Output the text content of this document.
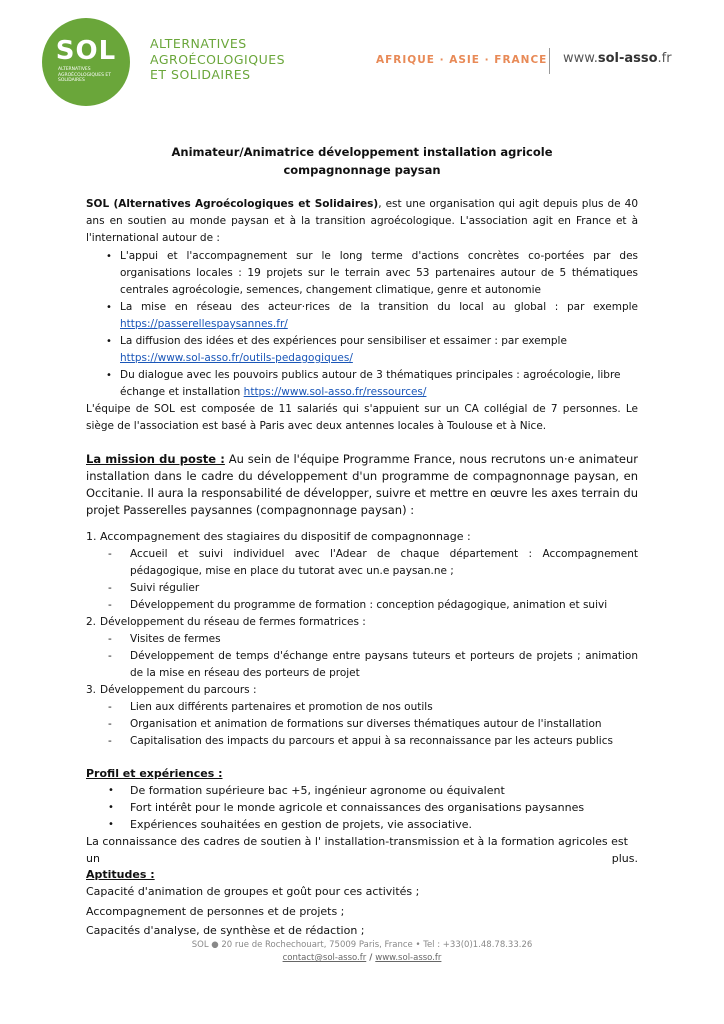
SOL
ALTERNATIVES AGROÉCOLOGIQUES ET SOLIDAIRES
ALTERNATIVES
AGROÉCOLOGIQUES
ET SOLIDAIRES
AFRIQUE · ASIE · FRANCE www.sol-asso.fr
Animateur/Animatrice développement installation agricole
compagnonnage paysan
SOL (Alternatives Agroécologiques et Solidaires), est une organisation qui agit depuis plus de 40 ans en soutien au monde paysan et à la transition agroécologique. L'association agit en France et à l'international autour de :
• L'appui et l'accompagnement sur le long terme d'actions concrètes co-portées par des organisations locales : 19 projets sur le terrain avec 53 partenaires autour de 5 thématiques centrales agroécologie, semences, changement climatique, genre et autonomie
• La mise en réseau des acteur·rices de la transition du local au global : par exemple https://passerellespaysannes.fr/
• La diffusion des idées et des expériences pour sensibiliser et essaimer : par exemple https://www.sol-asso.fr/outils-pedagogiques/
• Du dialogue avec les pouvoirs publics autour de 3 thématiques principales : agroécologie, libre échange et installation https://www.sol-asso.fr/ressources/
L'équipe de SOL est composée de 11 salariés qui s'appuient sur un CA collégial de 7 personnes. Le siège de l'association est basé à Paris avec deux antennes locales à Toulouse et à Nice.
La mission du poste : Au sein de l'équipe Programme France, nous recrutons un·e animateur installation dans le cadre du développement d'un programme de compagnonnage paysan, en Occitanie. Il aura la responsabilité de développer, suivre et mettre en œuvre les axes terrain du projet Passerelles paysannes (compagnonnage paysan) :
1. Accompagnement des stagiaires du dispositif de compagnonnage :
- Accueil et suivi individuel avec l'Adear de chaque département : Accompagnement pédagogique, mise en place du tutorat avec un.e paysan.ne ;
- Suivi régulier
- Développement du programme de formation : conception pédagogique, animation et suivi
2. Développement du réseau de fermes formatrices :
- Visites de fermes
- Développement de temps d'échange entre paysans tuteurs et porteurs de projets ; animation de la mise en réseau des porteurs de projet
3. Développement du parcours :
- Lien aux différents partenaires et promotion de nos outils
- Organisation et animation de formations sur diverses thématiques autour de l'installation
- Capitalisation des impacts du parcours et appui à sa reconnaissance par les acteurs publics
Profil et expériences :
• De formation supérieure bac +5, ingénieur agronome ou équivalent
• Fort intérêt pour le monde agricole et connaissances des organisations paysannes
• Expériences souhaitées en gestion de projets, vie associative.
La connaissance des cadres de soutien à l' installation-transmission et à la formation agricoles est
un	plus.
Aptitudes :
Capacité d'animation de groupes et goût pour ces activités ;
Accompagnement de personnes et de projets ;
Capacités d'analyse, de synthèse et de rédaction ;
SOL ● 20 rue de Rochechouart, 75009 Paris, France • Tel : +33(0)1.48.78.33.26
contact@sol-asso.fr / www.sol-asso.fr
